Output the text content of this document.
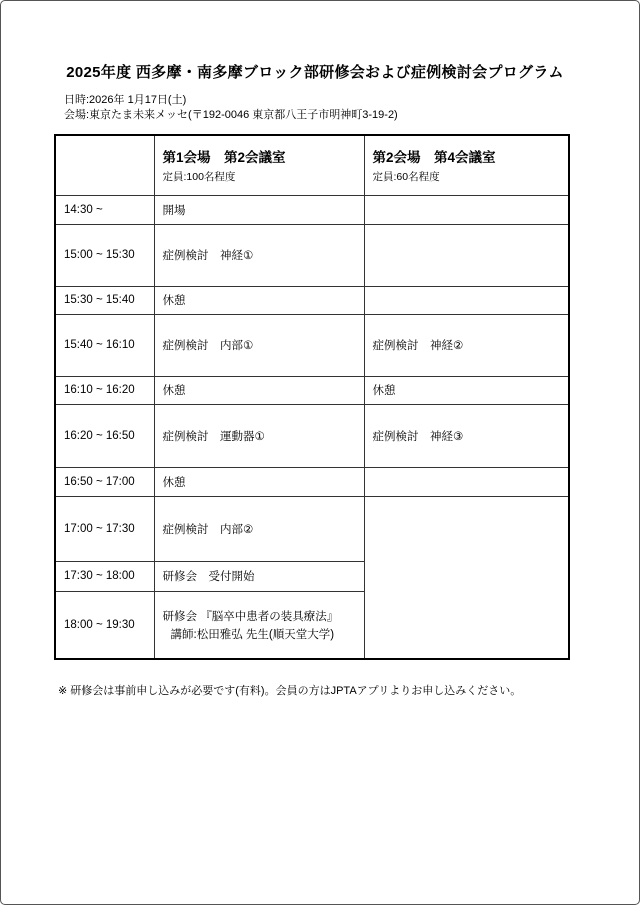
2025年度 西多摩・南多摩ブロック部研修会および症例検討会プログラム
日時:2026年 1月17日(土)
会場:東京たま未来メッセ(〒192-0046 東京都八王子市明神町3-19-2)

第1会場　第2会議室
定員:100名程度

第2会場　第4会議室
定員:60名程度

14:30 ~	開場	
15:00 ~ 15:30	症例検討　神経①	
15:30 ~ 15:40	休憩	
15:40 ~ 16:10	症例検討　内部①	症例検討　神経②
16:10 ~ 16:20	休憩	休憩
16:20 ~ 16:50	症例検討　運動器①	症例検討　神経③
16:50 ~ 17:00	休憩	
17:00 ~ 17:30	症例検討　内部②	
17:30 ~ 18:00	研修会　受付開始	
18:00 ~ 19:30	研修会 『脳卒中患者の装具療法』
講師:松田雅弘 先生(順天堂大学)	
※ 研修会は事前申し込みが必要です(有料)。会員の方はJPTAアプリよりお申し込みください。
